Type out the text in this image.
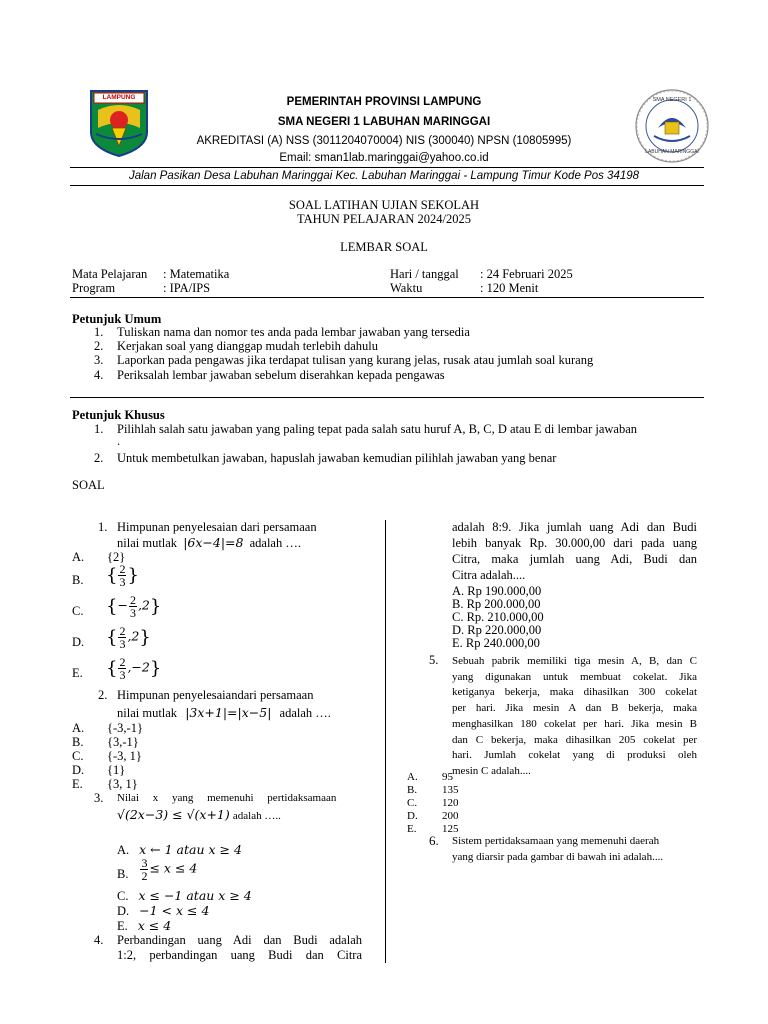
LAMPUNG	SMA NEGERI 1
LABUHAN MARINGGAI
PEMERINTAH PROVINSI LAMPUNG
SMA NEGERI 1 LABUHAN MARINGGAI
AKREDITASI (A) NSS (3011204070004) NIS (300040) NPSN (10805995)
Email: sman1lab.maringgai@yahoo.co.id
Jalan Pasikan Desa Labuhan Maringgai Kec. Labuhan Maringgai - Lampung Timur Kode Pos 34198
SOAL LATIHAN UJIAN SEKOLAH
TAHUN PELAJARAN 2024/2025
LEMBAR SOAL
Mata Pelajaran : Matematika
Program	: IPA/IPS
Hari / tanggal : 24 Februari 2025
Waktu	: 120 Menit
Petunjuk Umum
1.	Tuliskan nama dan nomor tes anda pada lembar jawaban yang tersedia
2.	Kerjakan soal yang dianggap mudah terlebih dahulu
3.	Laporkan pada pengawas jika terdapat tulisan yang kurang jelas, rusak atau jumlah soal kurang
4.	Periksalah lembar jawaban sebelum diserahkan kepada pengawas
Petunjuk Khusus
1.	Pilihlah salah satu jawaban yang paling tepat pada salah satu huruf A, B, C, D atau E di lembar jawaban
.
2.	Untuk membetulkan jawaban, hapuslah jawaban kemudian pilihlah jawaban yang benar
SOAL
1. Himpunan penyelesaian dari persamaan
nilai mutlak |6x−4|=8 adalah ….
A. {2}
B. { $\frac{2}{3}$ }
C. {− $\frac{2}{3} ,2$}
D. { $\frac{2}{3} ,2$}
E. { $\frac{2}{3} ,-2$}
2. Himpunan penyelesaiandari persamaan
nilai mutlak |3x+1|=|x−5| adalah ….
A. {-3,-1}
B. {3,-1}
C. {-3, 1}
D. {1}
E. {3, 1}
3. Nilai     x     yang     memenuhi     pertidaksamaan
√(2x−3) ≤ √(x+1) adalah …..
A. x ← 1 atau x ≥ 4
B. $\frac{3}{2} \le x \le 4$
C. x ≤ −1 atau x ≥ 4
D. −1 < x ≤ 4
E. x ≤ 4
4. Perbandingan uang Adi dan Budi adalah
1:2, perbandingan uang Budi dan Citra
adalah 8:9. Jika jumlah uang Adi dan Budi
lebih banyak Rp. 30.000,00 dari pada uang
Citra, maka jumlah uang Adi, Budi dan
Citra adalah....
A. Rp 190.000,00
B. Rp 200.000,00
C. Rp. 210.000,00
D. Rp 220.000,00
E. Rp 240.000,00
5. Sebuah pabrik memiliki tiga mesin A, B, dan C
yang digunakan untuk membuat cokelat. Jika
ketiganya bekerja, maka dihasilkan 300 cokelat
per hari. Jika mesin A dan B bekerja, maka
menghasilkan 180 cokelat per hari. Jika mesin B
dan C bekerja, maka dihasilkan 205 cokelat per
hari. Jumlah cokelat yang di produksi oleh
mesin C adalah....
A. 95
B. 135
C. 120
D. 200
E. 125
6. Sistem pertidaksamaan yang memenuhi daerah
yang diarsir pada gambar di bawah ini adalah....
